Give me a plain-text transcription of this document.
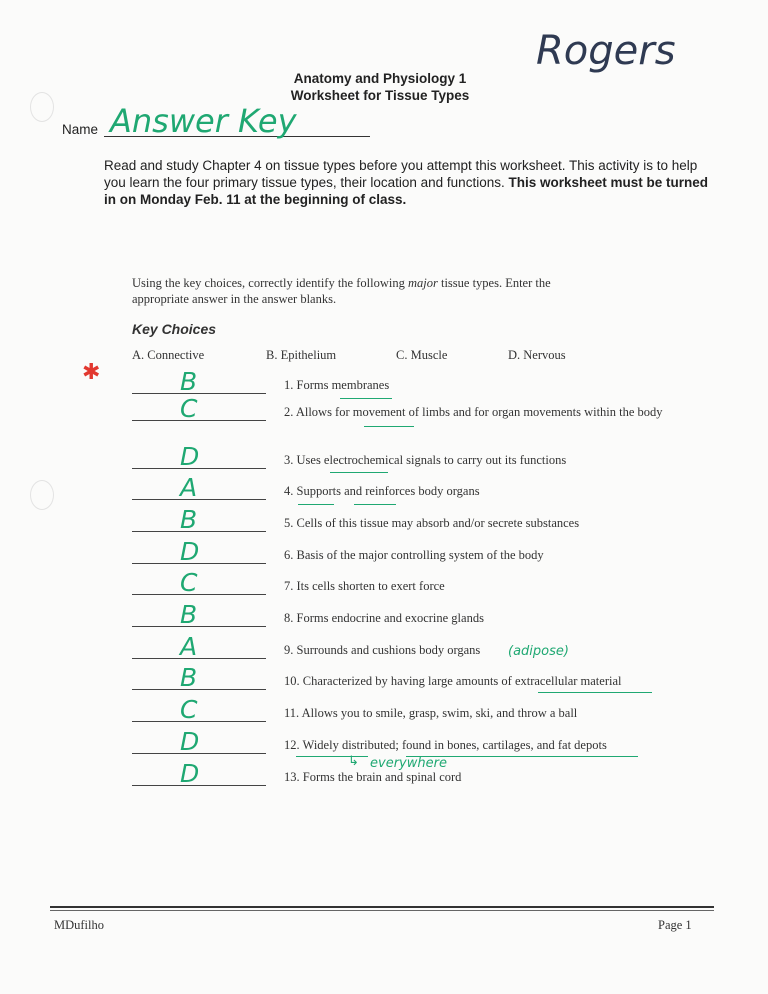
Anatomy and Physiology 1
Worksheet for Tissue Types
Rogers
Name Answer Key
Read and study Chapter 4 on tissue types before you attempt this worksheet. This activity is to help you learn the four primary tissue types, their location and functions. This worksheet must be turned in on Monday Feb. 11 at the beginning of class.
Using the key choices, correctly identify the following major tissue types. Enter the appropriate answer in the answer blanks.
Key Choices
A. Connective	B. Epithelium	C. Muscle	D. Nervous
✱	B	1. Forms membranes
C	2. Allows for movement of limbs and for organ movements within the body
D	3. Uses electrochemical signals to carry out its functions
A	4. Supports and reinforces body organs
B	5. Cells of this tissue may absorb and/or secrete substances
D	6. Basis of the major controlling system of the body
C	7. Its cells shorten to exert force
B	8. Forms endocrine and exocrine glands
A	9. Surrounds and cushions body organs
B	10. Characterized by having large amounts of extracellular material
C	11. Allows you to smile, grasp, swim, ski, and throw a ball
D	12. Widely distributed; found in bones, cartilages, and fat depots
D	13. Forms the brain and spinal cord
(adipose)
↳ everywhere
MDufilho	Page 1
